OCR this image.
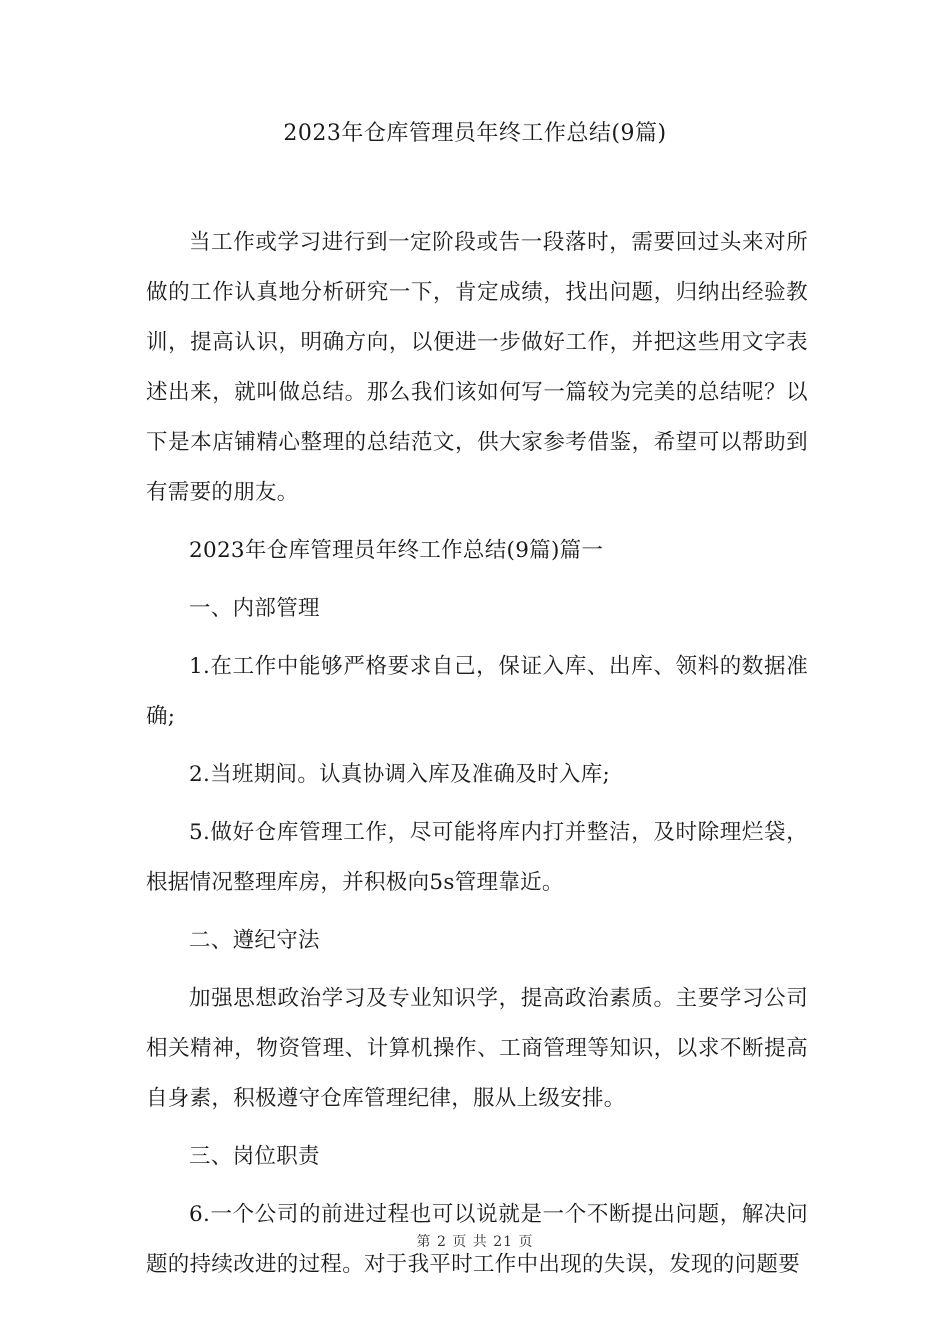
2023年仓库管理员年终工作总结(9篇)

当工作或学习进行到一定阶段或告一段落时，需要回过头来对所做的工作认真地分析研究一下，肯定成绩，找出问题，归纳出经验教训，提高认识，明确方向，以便进一步做好工作，并把这些用文字表述出来，就叫做总结。那么我们该如何写一篇较为完美的总结呢？以下是本店铺精心整理的总结范文，供大家参考借鉴，希望可以帮助到有需要的朋友。

2023年仓库管理员年终工作总结(9篇)篇一

一、内部管理

1.在工作中能够严格要求自己，保证入库、出库、领料的数据准确;

2.当班期间。认真协调入库及准确及时入库;

5.做好仓库管理工作，尽可能将库内打并整洁，及时除理烂袋，根据情况整理库房，并积极向5s管理靠近。

二、遵纪守法

加强思想政治学习及专业知识学，提高政治素质。主要学习公司相关精神，物资管理、计算机操作、工商管理等知识，以求不断提高自身素，积极遵守仓库管理纪律，服从上级安排。

三、岗位职责

6.一个公司的前进过程也可以说就是一个不断提出问题，解决问题的持续改进的过程。对于我平时工作中出现的失误，发现的问题要

第 2 页 共 21 页
